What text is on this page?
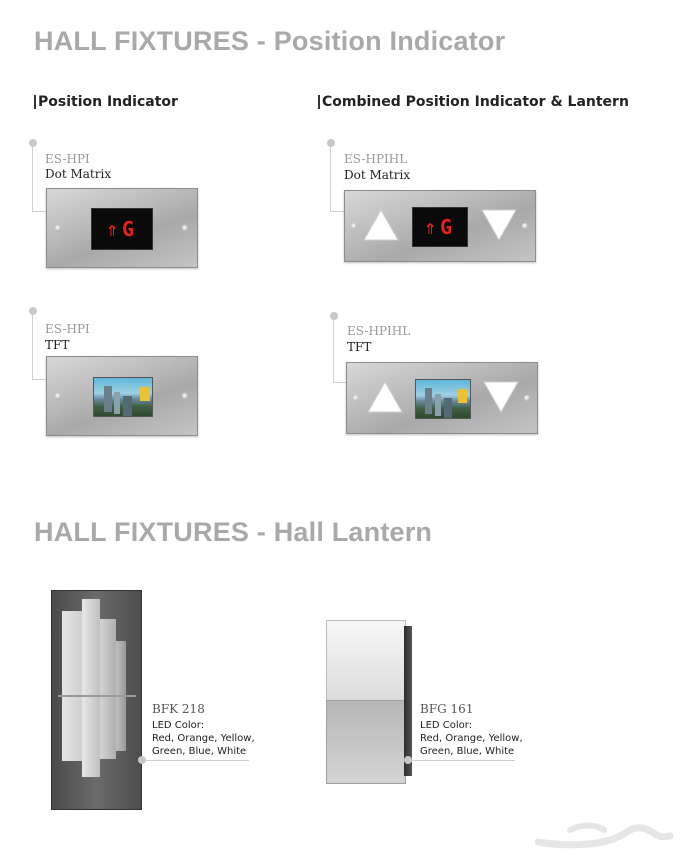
HALL FIXTURES - Position Indicator
Position Indicator	Combined Position Indicator & Lantern
ES-HPI
Dot Matrix
⇑G
ES-HPIHL
Dot Matrix
⇑G
ES-HPI
TFT
ES-HPIHL
TFT
HALL FIXTURES - Hall Lantern
BFK 218
LED Color:
Red, Orange, Yellow,
Green, Blue, White
BFG 161
LED Color:
Red, Orange, Yellow,
Green, Blue, White
